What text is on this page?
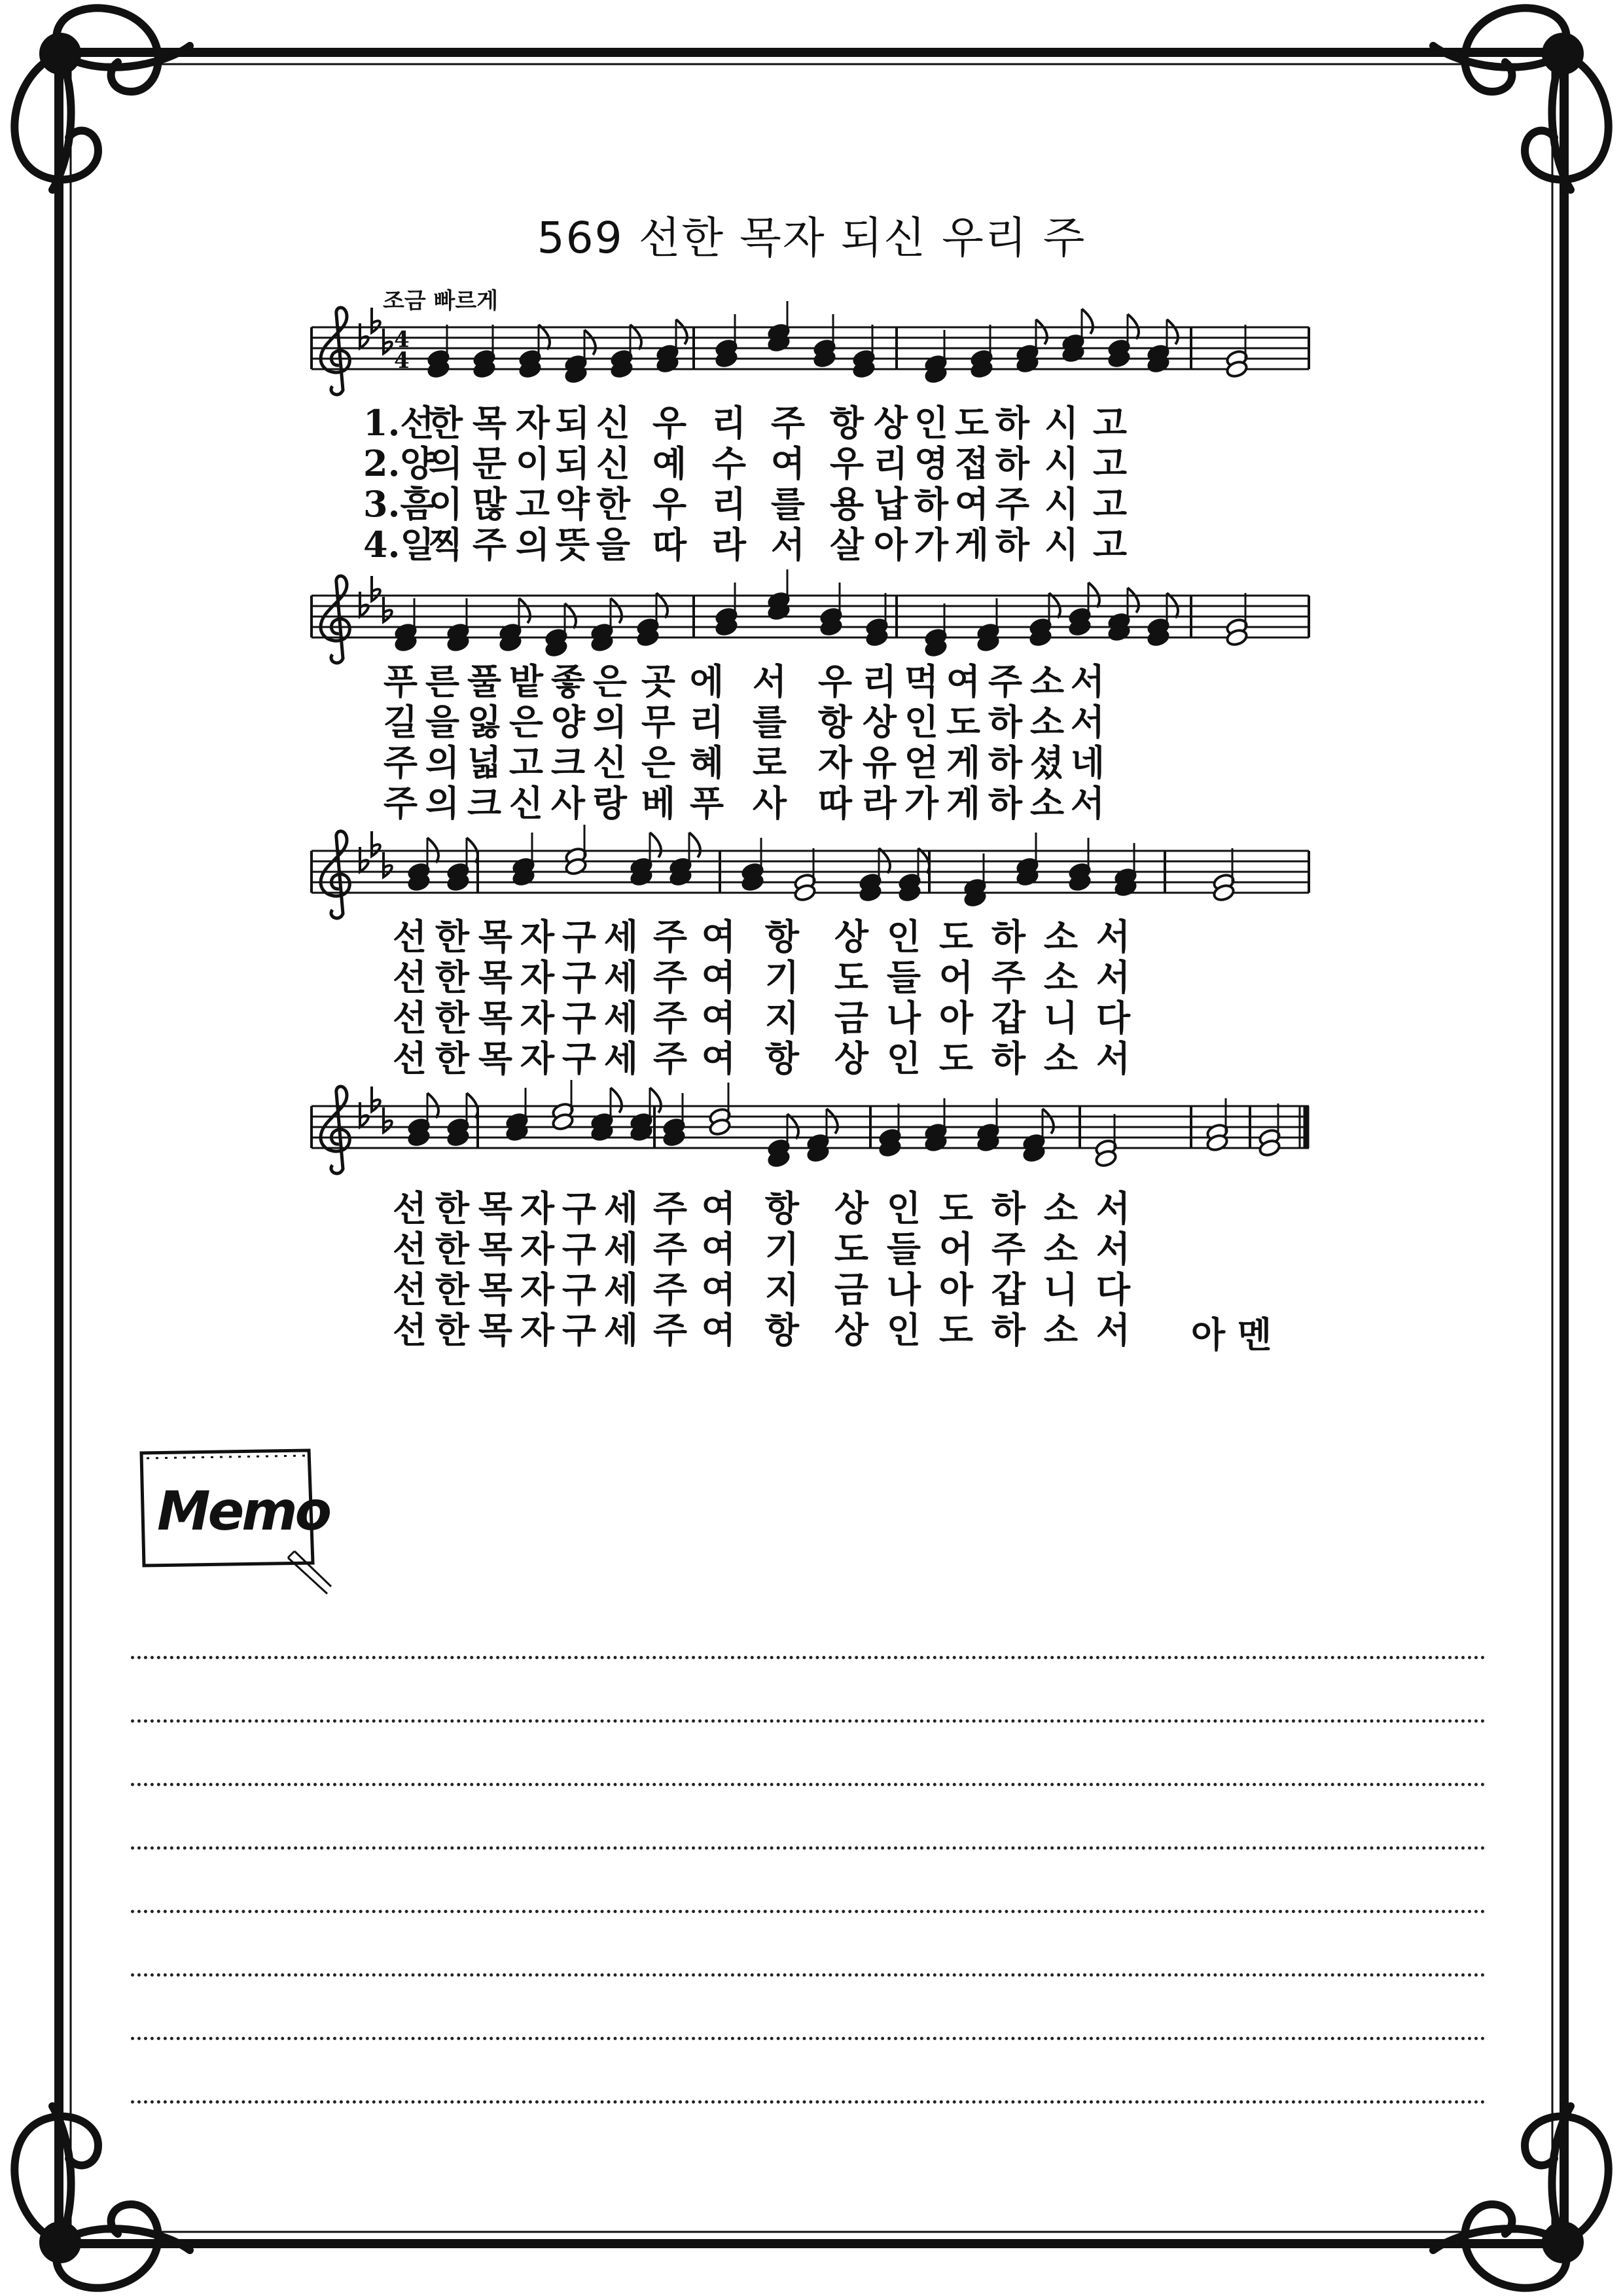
569 선한 목자 되신 우리 주
조금 빠르게
4
4
1.선한 목 자 되 신 우 리 주 항 상 인 도 하 시 고
2.양의 문 이 되 신 예 수 여 우 리 영 접 하 시 고
3.흠이 많 고 약 한 우 리 를 용 납 하 여 주 시 고
4.일찍 주 의 뜻 을 따 라 서 살 아 가 게 하 시 고
푸 른 풀 밭 좋 은 곳 에 서 우 리 먹 여 주 소 서
길 을 잃 은 양 의 무 리 를 항 상 인 도 하 소 서
주 의 넓 고 크 신 은 혜 로 자 유 얻 게 하 셨 네
주 의 크 신 사 랑 베 푸 사 따 라 가 게 하 소 서
선 한 목 자 구 세 주 여 항 상 인 도 하 소 서
선 한 목 자 구 세 주 여 기 도 들 어 주 소 서
선 한 목 자 구 세 주 여 지 금 나 아 갑 니 다
선 한 목 자 구 세 주 여 항 상 인 도 하 소 서
선 한 목 자 구 세 주 여 항 상 인 도 하 소 서
선 한 목 자 구 세 주 여 기 도 들 어 주 소 서
선 한 목 자 구 세 주 여 지 금 나 아 갑 니 다
선 한 목 자 구 세 주 여 항 상 인 도 하 소 서 아 멘
Memo
